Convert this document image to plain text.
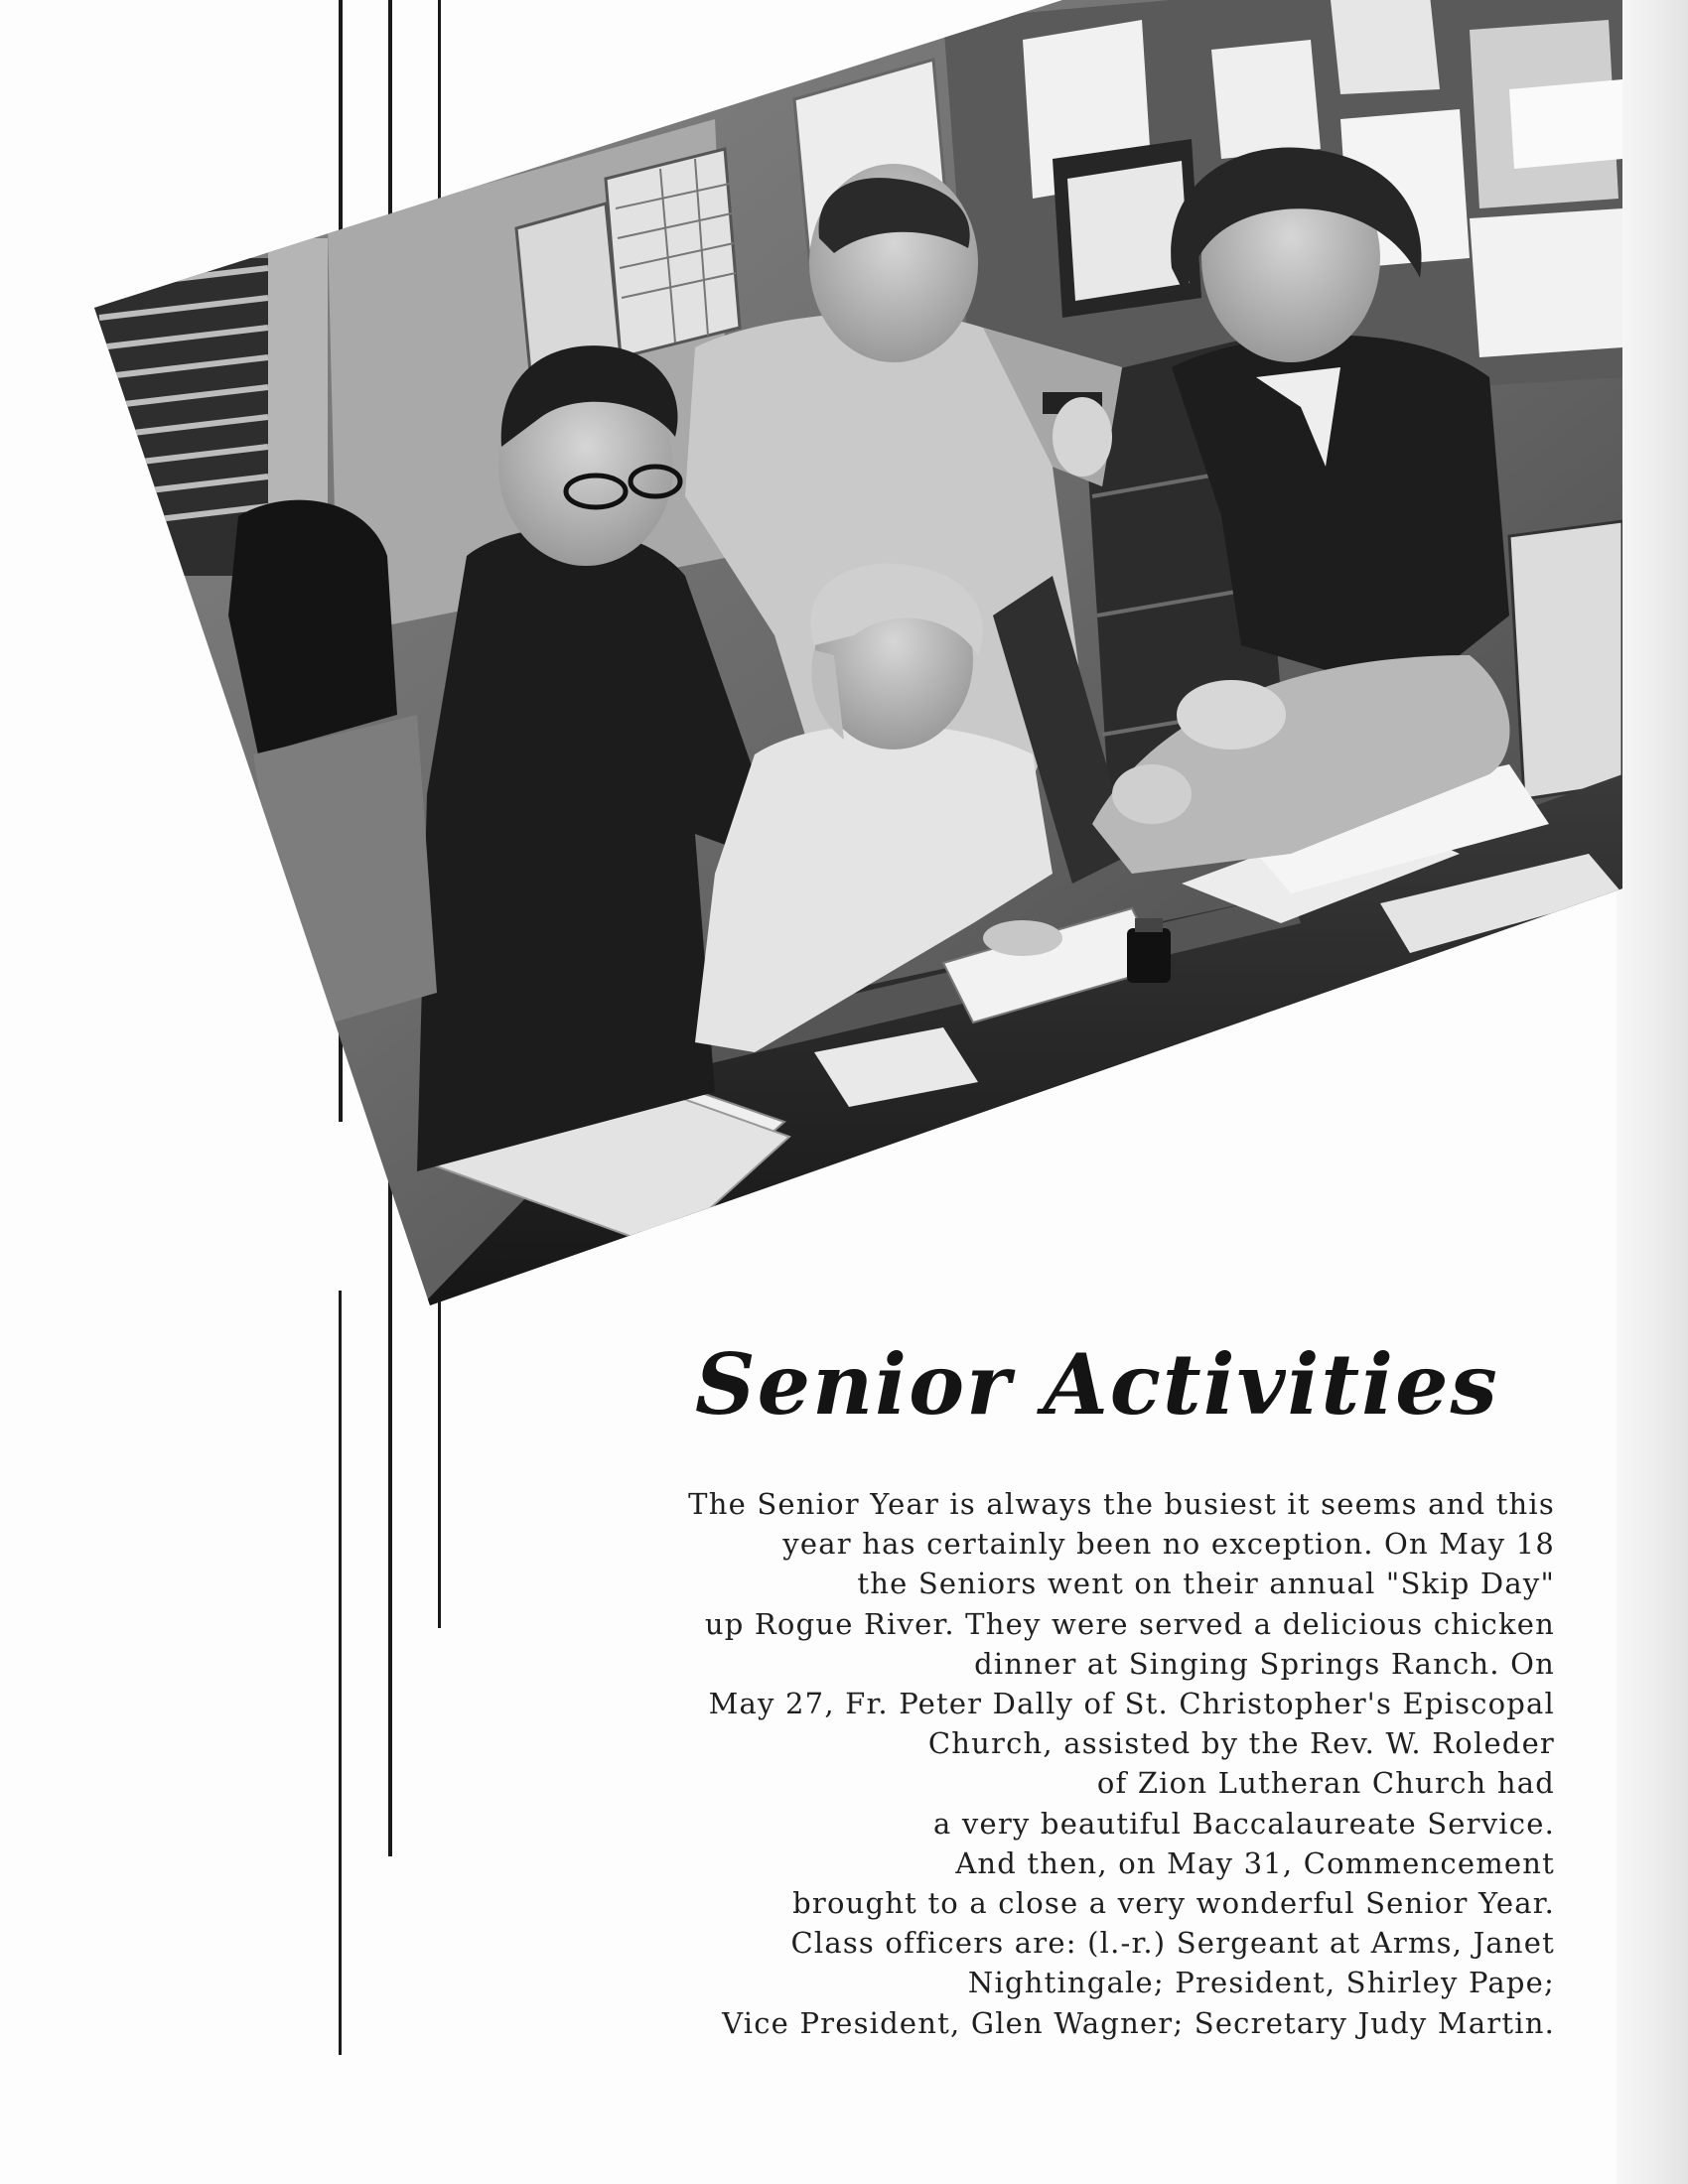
Senior Activities
The Senior Year is always the busiest it seems and this
year has certainly been no exception. On May 18
the Seniors went on their annual "Skip Day"
up Rogue River. They were served a delicious chicken
dinner at Singing Springs Ranch. On
May 27, Fr. Peter Dally of St. Christopher's Episcopal
Church, assisted by the Rev. W. Roleder
of Zion Lutheran Church had
a very beautiful Baccalaureate Service.
And then, on May 31, Commencement
brought to a close a very wonderful Senior Year.
Class officers are: (l.-r.) Sergeant at Arms, Janet
Nightingale; President, Shirley Pape;
Vice President, Glen Wagner; Secretary Judy Martin.
